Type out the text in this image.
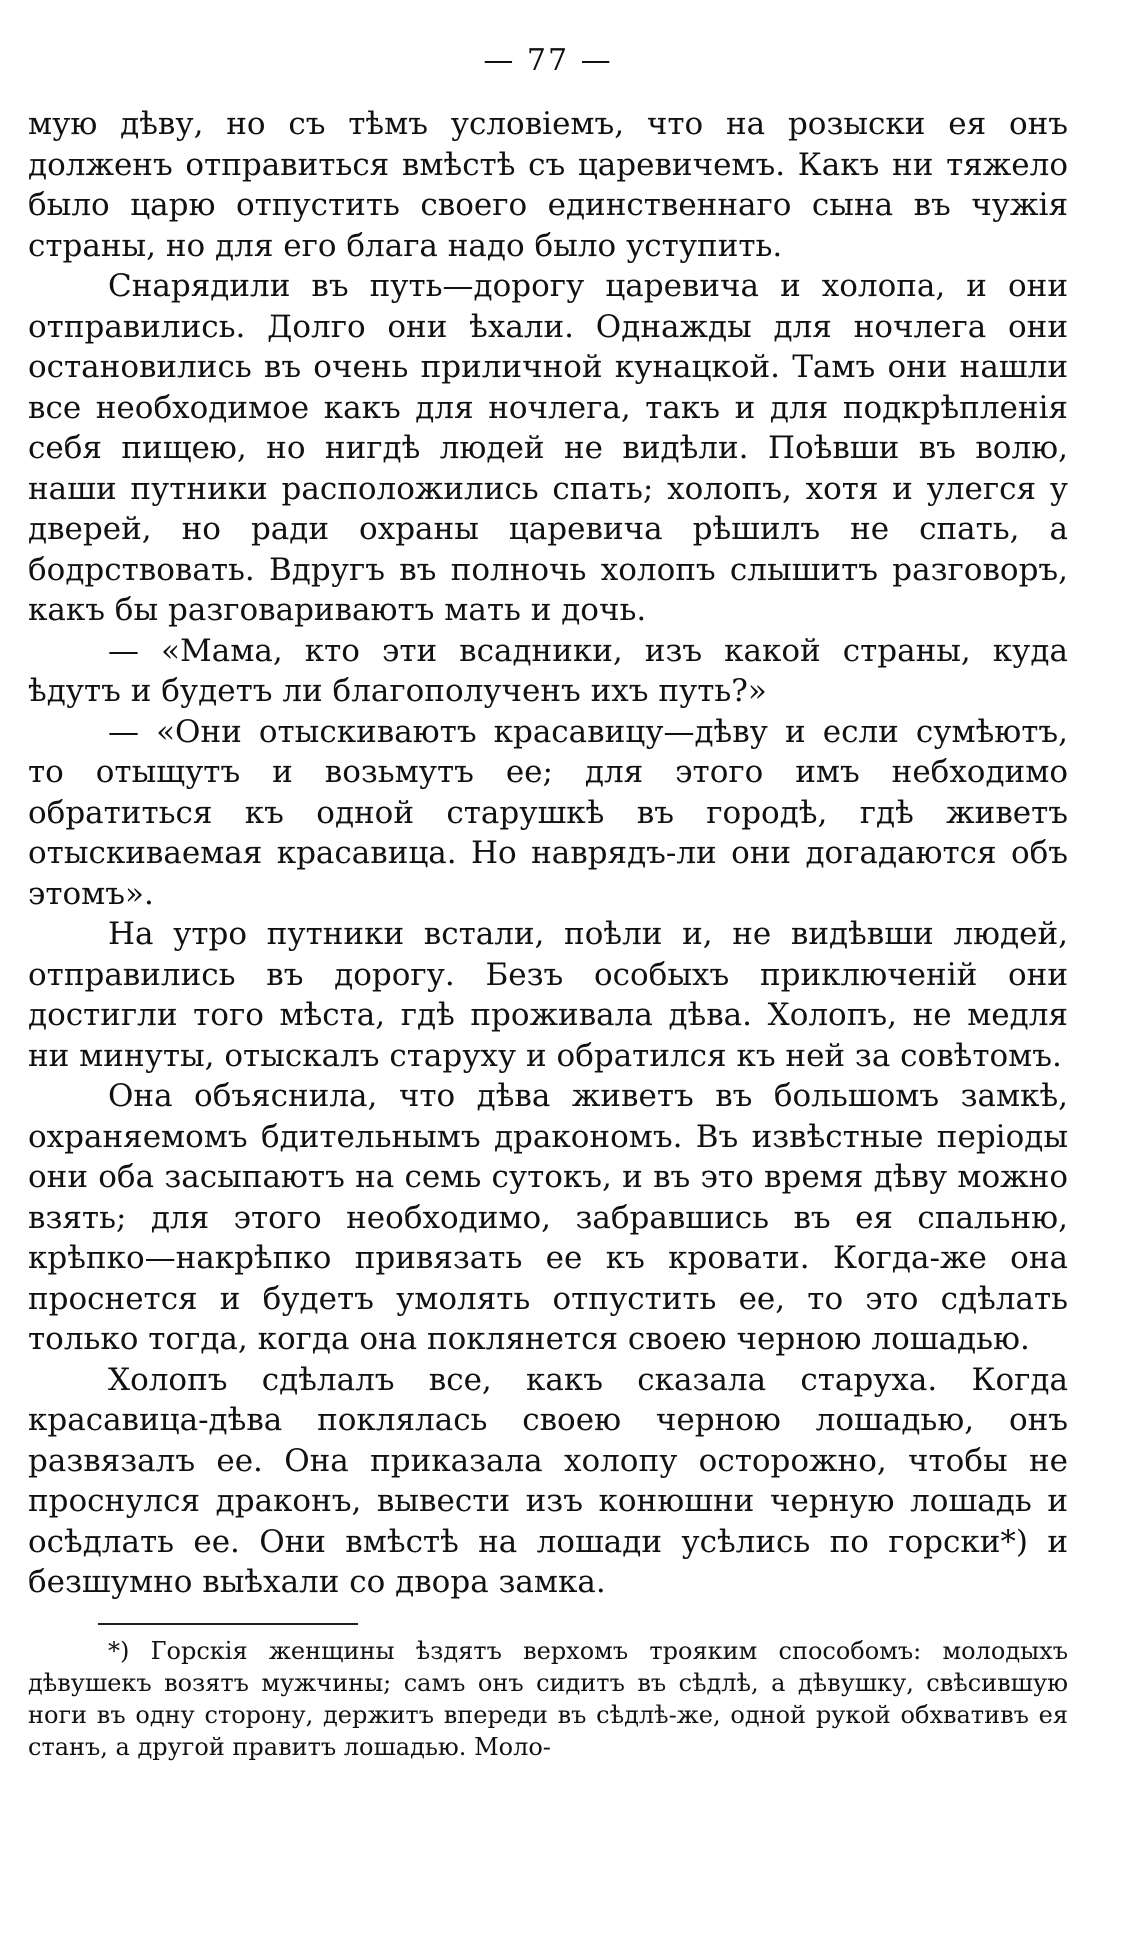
— 77 —

мую дѣву, но съ тѣмъ условіемъ, что на розыски ея онъ долженъ отправиться вмѣстѣ съ царевичемъ. Какъ ни тяжело было царю отпустить своего единственнаго сына въ чужія страны, но для его блага надо было уступить.

Снарядили въ путь—дорогу царевича и холопа, и они отправились. Долго они ѣхали. Однажды для ночлега они остановились въ очень приличной кунацкой. Тамъ они нашли все необходимое какъ для ночлега, такъ и для подкрѣпленія себя пищею, но нигдѣ людей не видѣли. Поѣвши въ волю, наши путники расположились спать; холопъ, хотя и улегся у дверей, но ради охраны царевича рѣшилъ не спать, а бодрствовать. Вдругъ въ полночь холопъ слышитъ разговоръ, какъ бы разговариваютъ мать и дочь.

— «Мама, кто эти всадники, изъ какой страны, куда ѣдутъ и будетъ ли благополученъ ихъ путь?»

— «Они отыскиваютъ красавицу—дѣву и если сумѣютъ, то отыщутъ и возьмутъ ее; для этого имъ небходимо обратиться къ одной старушкѣ въ городѣ, гдѣ живетъ отыскиваемая красавица. Но наврядъ-ли они догадаются объ этомъ».

На утро путники встали, поѣли и, не видѣвши людей, отправились въ дорогу. Безъ особыхъ приключеній они достигли того мѣста, гдѣ проживала дѣва. Холопъ, не медля ни минуты, отыскалъ старуху и обратился къ ней за совѣтомъ.

Она объяснила, что дѣва живетъ въ большомъ замкѣ, охраняемомъ бдительнымъ дракономъ. Въ извѣстные періоды они оба засыпаютъ на семь сутокъ, и въ это время дѣву можно взять; для этого необходимо, забравшись въ ея спальню, крѣпко—накрѣпко привязать ее къ кровати. Когда-же она проснется и будетъ умолять отпустить ее, то это сдѣлать только тогда, когда она поклянется своею черною лошадью.

Холопъ сдѣлалъ все, какъ сказала старуха. Когда красавица-дѣва поклялась своею черною лошадью, онъ развязалъ ее. Она приказала холопу осторожно, чтобы не проснулся драконъ, вывести изъ конюшни черную лошадь и осѣдлать ее. Они вмѣстѣ на лошади усѣлись по горски*) и безшумно выѣхали со двора замка.

*) Горскія женщины ѣздятъ верхомъ трояким способомъ: молодыхъ дѣвушекъ возятъ мужчины; самъ онъ сидитъ въ сѣдлѣ, а дѣвушку, свѣсившую ноги въ одну сторону, держитъ впереди въ сѣдлѣ-же, одной рукой обхвативъ ея станъ, а другой правитъ лошадью. Моло-
